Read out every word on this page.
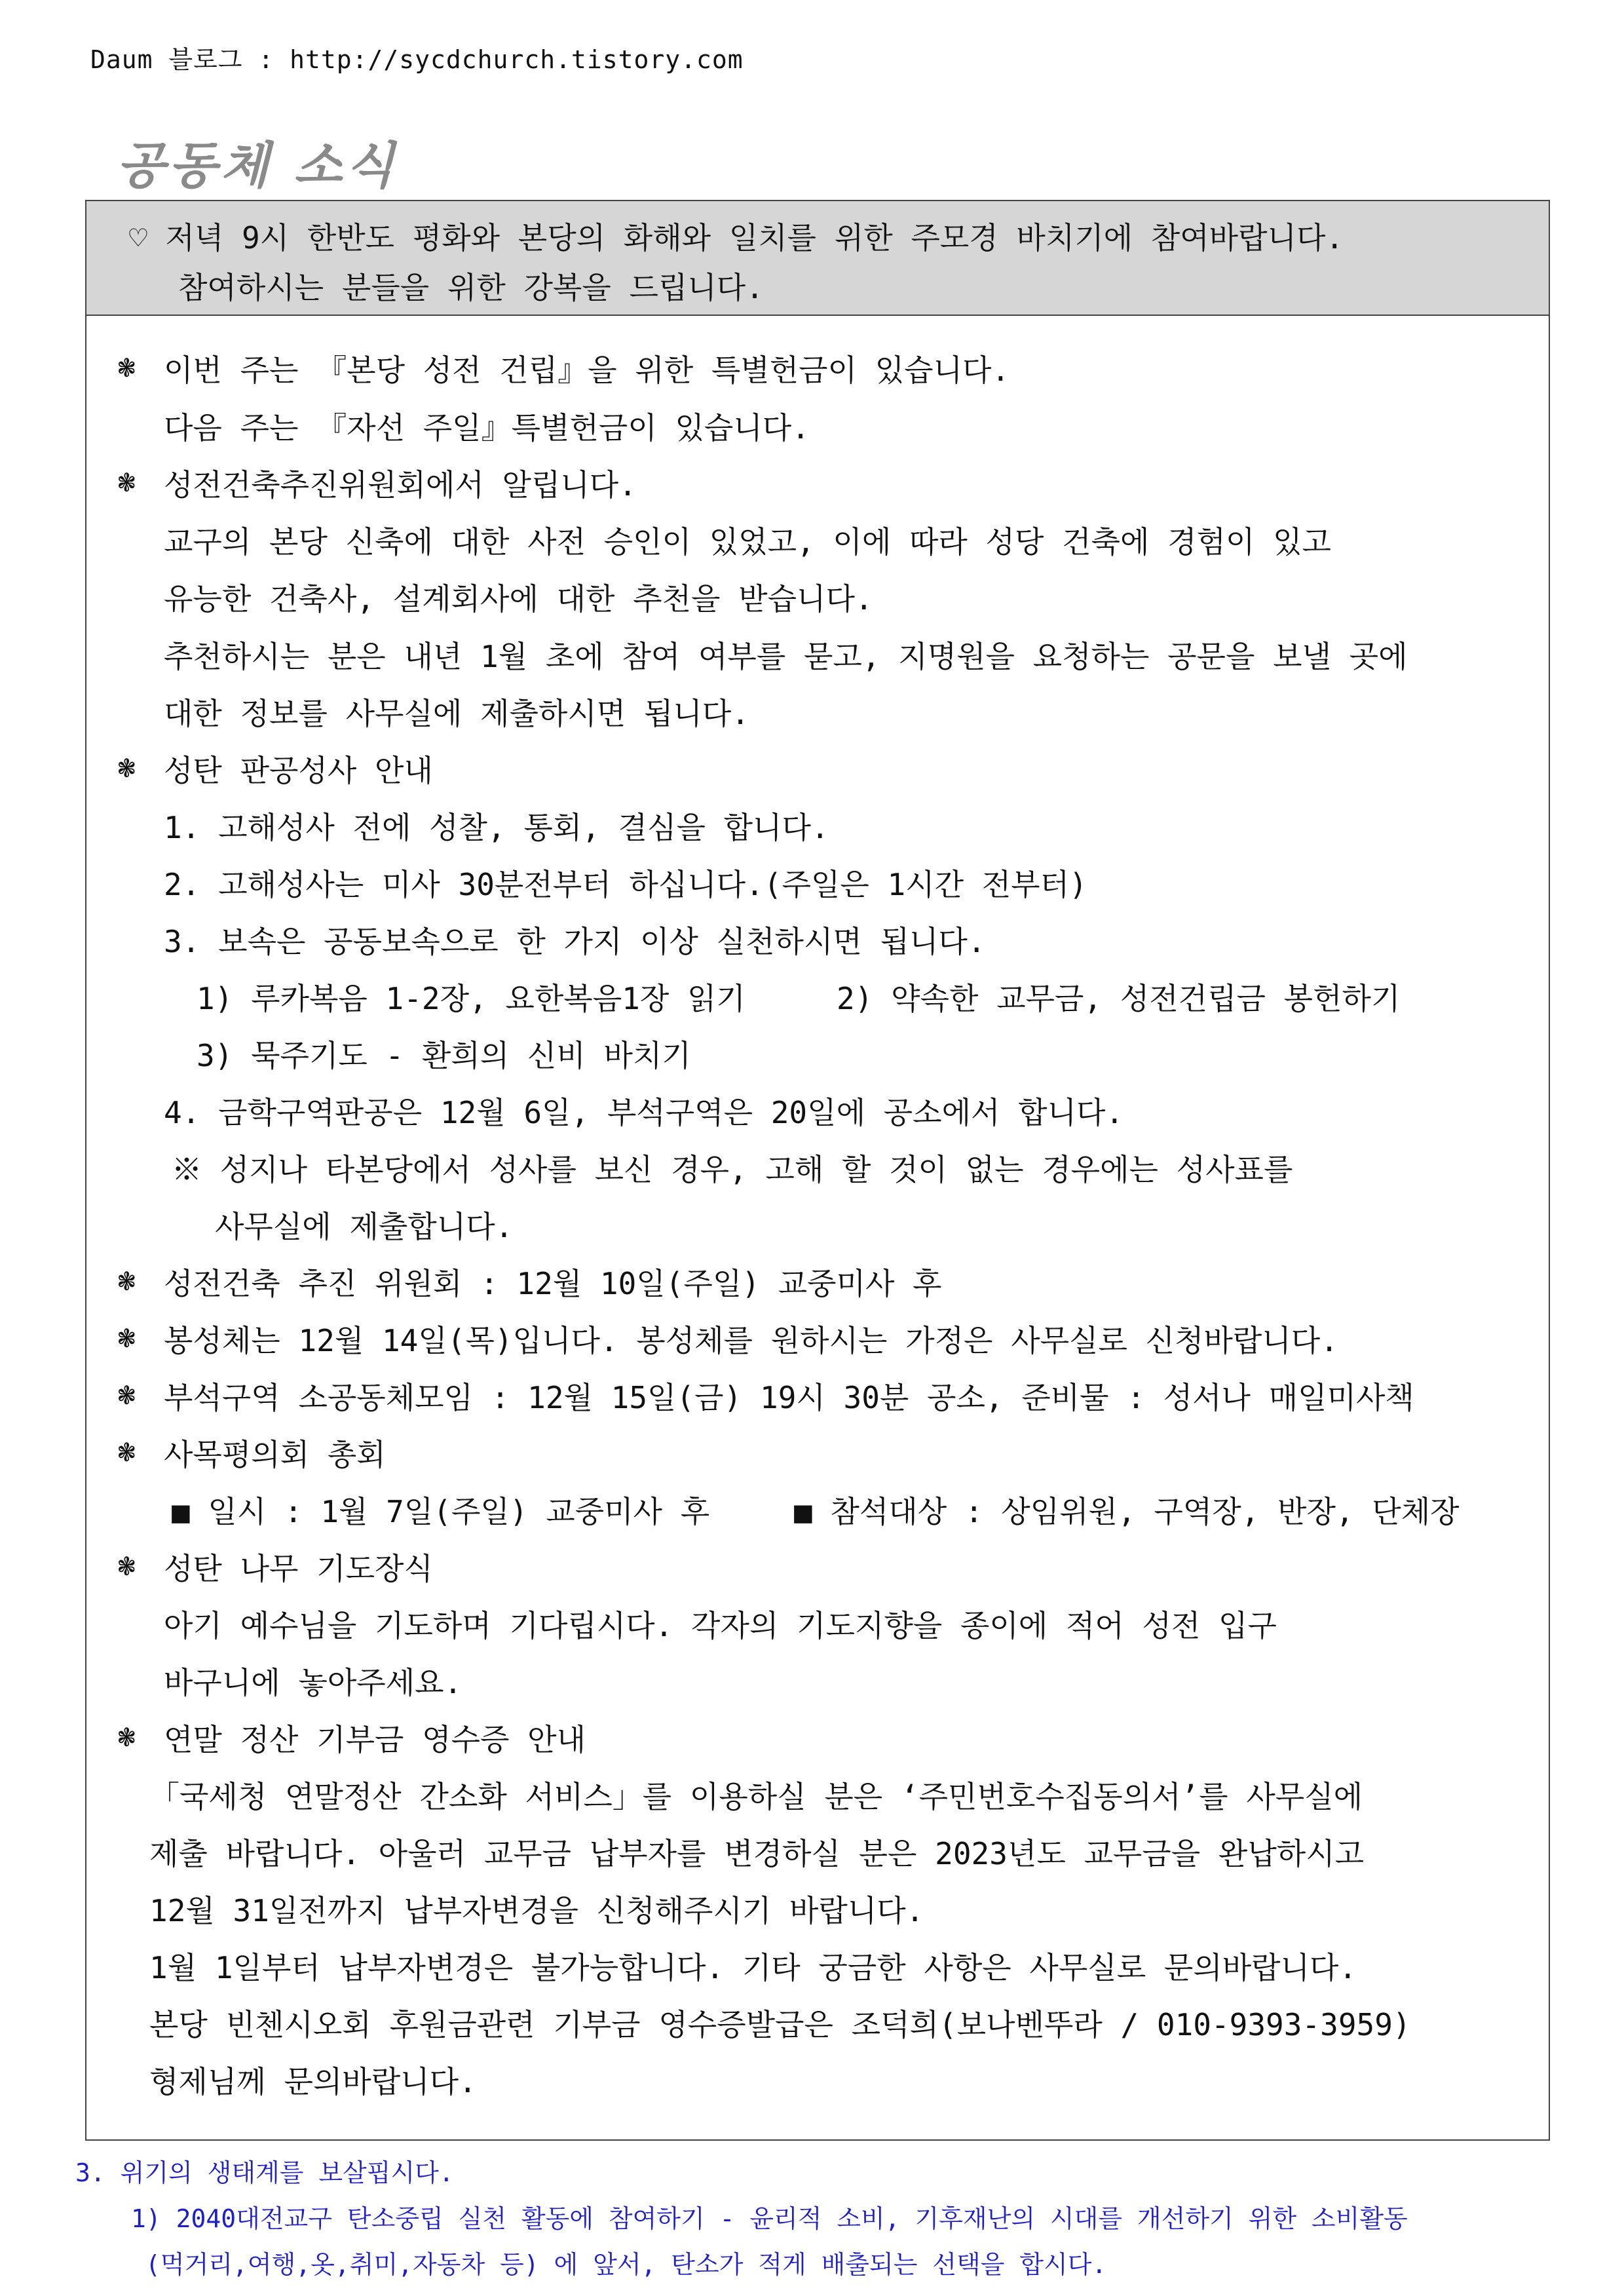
Daum 블로그 : http://sycdchurch.tistory.com
공동체 소식
♡ 저녁 9시 한반도 평화와 본당의 화해와 일치를 위한 주모경 바치기에 참여바랍니다.
참여하시는 분들을 위한 강복을 드립니다.
❃ 이번 주는 『본당 성전 건립』을 위한 특별헌금이 있습니다.
다음 주는 『자선 주일』특별헌금이 있습니다.
❃ 성전건축추진위원회에서 알립니다.
교구의 본당 신축에 대한 사전 승인이 있었고, 이에 따라 성당 건축에 경험이 있고
유능한 건축사, 설계회사에 대한 추천을 받습니다.
추천하시는 분은 내년 1월 초에 참여 여부를 묻고, 지명원을 요청하는 공문을 보낼 곳에
대한 정보를 사무실에 제출하시면 됩니다.
❃ 성탄 판공성사 안내
1. 고해성사 전에 성찰, 통회, 결심을 합니다.
2. 고해성사는 미사 30분전부터 하십니다.(주일은 1시간 전부터)
3. 보속은 공동보속으로 한 가지 이상 실천하시면 됩니다.
1) 루카복음 1-2장, 요한복음1장 읽기	2) 약속한 교무금, 성전건립금 봉헌하기
3) 묵주기도 - 환희의 신비 바치기
4. 금학구역판공은 12월 6일, 부석구역은 20일에 공소에서 합니다.
※ 성지나 타본당에서 성사를 보신 경우, 고해 할 것이 없는 경우에는 성사표를
사무실에 제출합니다.
❃ 성전건축 추진 위원회 : 12월 10일(주일) 교중미사 후
❃ 봉성체는 12월 14일(목)입니다. 봉성체를 원하시는 가정은 사무실로 신청바랍니다.
❃ 부석구역 소공동체모임 : 12월 15일(금) 19시 30분 공소, 준비물 : 성서나 매일미사책
❃ 사목평의회 총회
■ 일시 : 1월 7일(주일) 교중미사 후	■ 참석대상 : 상임위원, 구역장, 반장, 단체장
❃ 성탄 나무 기도장식
아기 예수님을 기도하며 기다립시다. 각자의 기도지향을 종이에 적어 성전 입구
바구니에 놓아주세요.
❃ 연말 정산 기부금 영수증 안내
「국세청 연말정산 간소화 서비스」를 이용하실 분은 ‘주민번호수집동의서’를 사무실에
제출 바랍니다. 아울러 교무금 납부자를 변경하실 분은 2023년도 교무금을 완납하시고
12월 31일전까지 납부자변경을 신청해주시기 바랍니다.
1월 1일부터 납부자변경은 불가능합니다. 기타 궁금한 사항은 사무실로 문의바랍니다.
본당 빈첸시오회 후원금관련 기부금 영수증발급은 조덕희(보나벤뚜라 / 010-9393-3959)
형제님께 문의바랍니다.
3. 위기의 생태계를 보살핍시다.
1) 2040대전교구 탄소중립 실천 활동에 참여하기 - 윤리적 소비, 기후재난의 시대를 개선하기 위한 소비활동
(먹거리,여행,옷,취미,자동차 등) 에 앞서, 탄소가 적게 배출되는 선택을 합시다.
